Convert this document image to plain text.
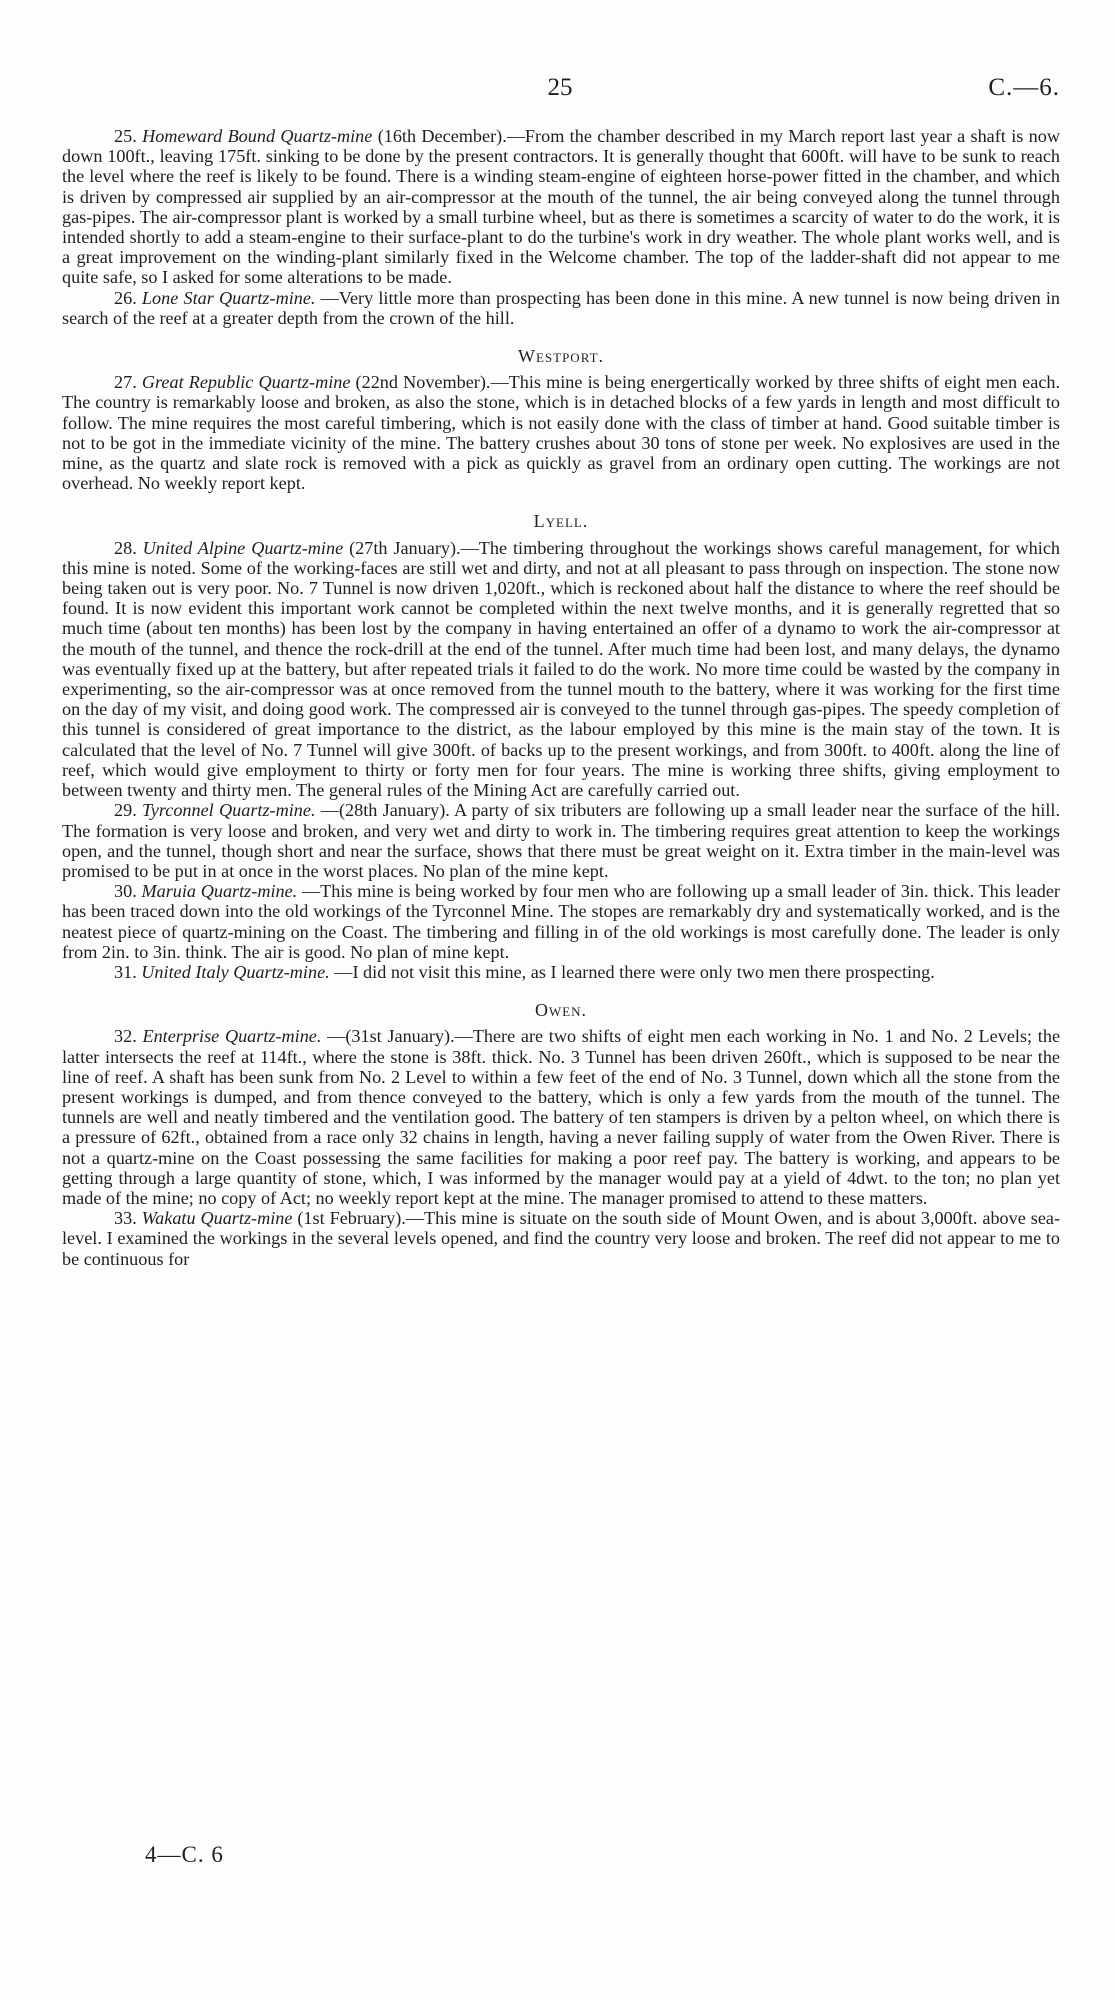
25	C.—6.

25. Homeward Bound Quartz-mine (16th December).—From the chamber described in my March report last year a shaft is now down 100ft., leaving 175ft. sinking to be done by the present contractors. It is generally thought that 600ft. will have to be sunk to reach the level where the reef is likely to be found. There is a winding steam-engine of eighteen horse-power fitted in the chamber, and which is driven by compressed air supplied by an air-compressor at the mouth of the tunnel, the air being conveyed along the tunnel through gas-pipes. The air-compressor plant is worked by a small turbine wheel, but as there is sometimes a scarcity of water to do the work, it is intended shortly to add a steam-engine to their surface-plant to do the turbine's work in dry weather. The whole plant works well, and is a great improvement on the winding-plant similarly fixed in the Welcome chamber. The top of the ladder-shaft did not appear to me quite safe, so I asked for some alterations to be made.

26. Lone Star Quartz-mine. —Very little more than prospecting has been done in this mine. A new tunnel is now being driven in search of the reef at a greater depth from the crown of the hill.

Westport.

27. Great Republic Quartz-mine (22nd November).—This mine is being energertically worked by three shifts of eight men each. The country is remarkably loose and broken, as also the stone, which is in detached blocks of a few yards in length and most difficult to follow. The mine requires the most careful timbering, which is not easily done with the class of timber at hand. Good suitable timber is not to be got in the immediate vicinity of the mine. The battery crushes about 30 tons of stone per week. No explosives are used in the mine, as the quartz and slate rock is removed with a pick as quickly as gravel from an ordinary open cutting. The workings are not overhead. No weekly report kept.

Lyell.

28. United Alpine Quartz-mine (27th January).—The timbering throughout the workings shows careful management, for which this mine is noted. Some of the working-faces are still wet and dirty, and not at all pleasant to pass through on inspection. The stone now being taken out is very poor. No. 7 Tunnel is now driven 1,020ft., which is reckoned about half the distance to where the reef should be found. It is now evident this important work cannot be completed within the next twelve months, and it is generally regretted that so much time (about ten months) has been lost by the company in having entertained an offer of a dynamo to work the air-compressor at the mouth of the tunnel, and thence the rock-drill at the end of the tunnel. After much time had been lost, and many delays, the dynamo was eventually fixed up at the battery, but after repeated trials it failed to do the work. No more time could be wasted by the company in experimenting, so the air-compressor was at once removed from the tunnel mouth to the battery, where it was working for the first time on the day of my visit, and doing good work. The compressed air is conveyed to the tunnel through gas-pipes. The speedy completion of this tunnel is considered of great importance to the district, as the labour employed by this mine is the main stay of the town. It is calculated that the level of No. 7 Tunnel will give 300ft. of backs up to the present workings, and from 300ft. to 400ft. along the line of reef, which would give employment to thirty or forty men for four years. The mine is working three shifts, giving employment to between twenty and thirty men. The general rules of the Mining Act are carefully carried out.

29. Tyrconnel Quartz-mine. —(28th January). A party of six tributers are following up a small leader near the surface of the hill. The formation is very loose and broken, and very wet and dirty to work in. The timbering requires great attention to keep the workings open, and the tunnel, though short and near the surface, shows that there must be great weight on it. Extra timber in the main-level was promised to be put in at once in the worst places. No plan of the mine kept.

30. Maruia Quartz-mine. —This mine is being worked by four men who are following up a small leader of 3in. thick. This leader has been traced down into the old workings of the Tyrconnel Mine. The stopes are remarkably dry and systematically worked, and is the neatest piece of quartz-mining on the Coast. The timbering and filling in of the old workings is most carefully done. The leader is only from 2in. to 3in. think. The air is good. No plan of mine kept.

31. United Italy Quartz-mine. —I did not visit this mine, as I learned there were only two men there prospecting.

Owen.

32. Enterprise Quartz-mine. —(31st January).—There are two shifts of eight men each working in No. 1 and No. 2 Levels; the latter intersects the reef at 114ft., where the stone is 38ft. thick. No. 3 Tunnel has been driven 260ft., which is supposed to be near the line of reef. A shaft has been sunk from No. 2 Level to within a few feet of the end of No. 3 Tunnel, down which all the stone from the present workings is dumped, and from thence conveyed to the battery, which is only a few yards from the mouth of the tunnel. The tunnels are well and neatly timbered and the ventilation good. The battery of ten stampers is driven by a pelton wheel, on which there is a pressure of 62ft., obtained from a race only 32 chains in length, having a never failing supply of water from the Owen River. There is not a quartz-mine on the Coast possessing the same facilities for making a poor reef pay. The battery is working, and appears to be getting through a large quantity of stone, which, I was informed by the manager would pay at a yield of 4dwt. to the ton; no plan yet made of the mine; no copy of Act; no weekly report kept at the mine. The manager promised to attend to these matters.

33. Wakatu Quartz-mine (1st February).—This mine is situate on the south side of Mount Owen, and is about 3,000ft. above sea-level. I examined the workings in the several levels opened, and find the country very loose and broken. The reef did not appear to me to be continuous for

4—C. 6
